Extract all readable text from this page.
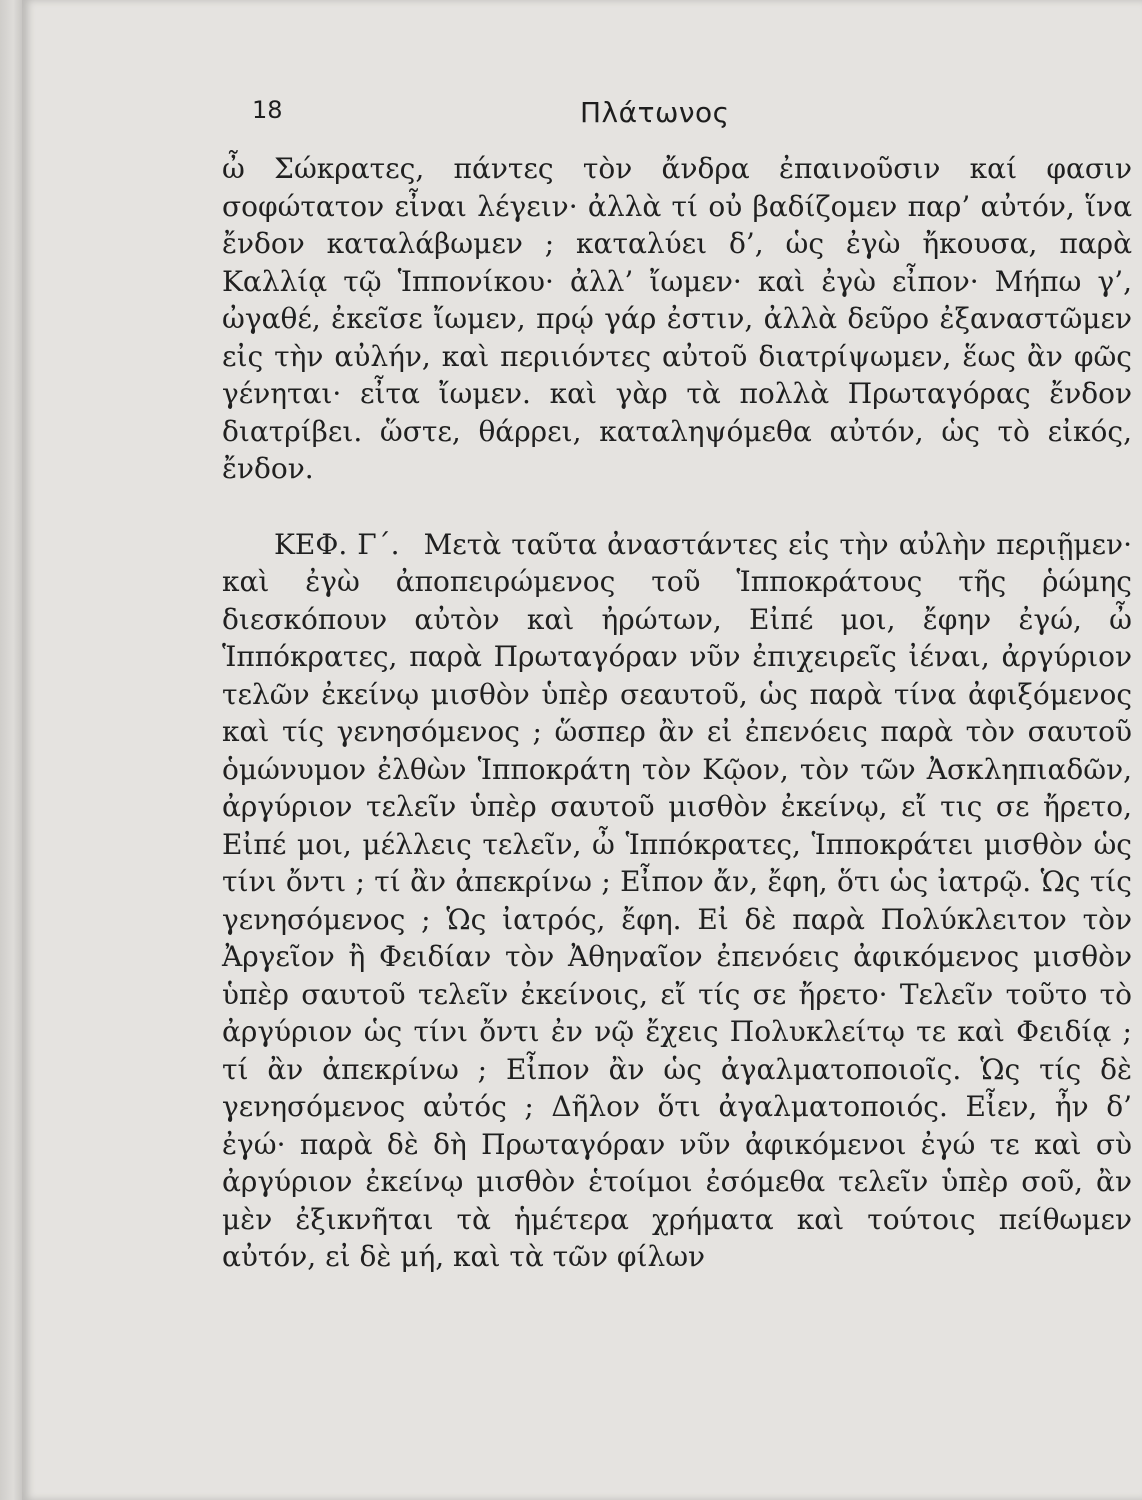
18	Πλάτωνος

ὦ Σώκρατες, πάντες τὸν ἄνδρα ἐπαινοῦσιν καί φασιν σοφώτατον εἶναι λέγειν· ἀλλὰ τί οὐ βαδίζομεν παρ’ αὐτόν, ἵνα ἔνδον καταλάβωμεν ; καταλύει δ’, ὡς ἐγὼ ἤκουσα, παρὰ Καλλίᾳ τῷ Ἱππονίκου· ἀλλ’ ἴωμεν· καὶ ἐγὼ εἶπον· Μήπω γ’, ὠγαθέ, ἐκεῖσε ἴωμεν, πρῴ γάρ ἐστιν, ἀλλὰ δεῦρο ἐξαναστῶμεν εἰς τὴν αὐλήν, καὶ περιιόντες αὐτοῦ διατρίψωμεν, ἕως ἂν φῶς γένηται· εἶτα ἴωμεν. καὶ γὰρ τὰ πολλὰ Πρωταγόρας ἔνδον διατρίβει. ὥστε, θάρρει, καταληψόμεθα αὐτόν, ὡς τὸ εἰκός, ἔνδον.

ΚΕΦ. Γ΄. Μετὰ ταῦτα ἀναστάντες εἰς τὴν αὐλὴν περιῇμεν· καὶ ἐγὼ ἀποπειρώμενος τοῦ Ἱπποκράτους τῆς ῥώμης διεσκόπουν αὐτὸν καὶ ἠρώτων, Εἰπέ μοι, ἔφην ἐγώ, ὦ Ἱππόκρατες, παρὰ Πρωταγόραν νῦν ἐπιχειρεῖς ἰέναι, ἀργύριον τελῶν ἐκείνῳ μισθὸν ὑπὲρ σεαυτοῦ, ὡς παρὰ τίνα ἀφιξόμενος καὶ τίς γενησόμενος ; ὥσπερ ἂν εἰ ἐπενόεις παρὰ τὸν σαυτοῦ ὁμώνυμον ἐλθὼν Ἱπποκράτη τὸν Κῷον, τὸν τῶν Ἀσκληπιαδῶν, ἀργύριον τελεῖν ὑπὲρ σαυτοῦ μισθὸν ἐκείνῳ, εἴ τις σε ἤρετο, Εἰπέ μοι, μέλλεις τελεῖν, ὦ Ἱππόκρατες, Ἱπποκράτει μισθὸν ὡς τίνι ὄντι ; τί ἂν ἀπεκρίνω ; Εἶπον ἄν, ἔφη, ὅτι ὡς ἰατρῷ. Ὡς τίς γενησόμενος ; Ὡς ἰατρός, ἔφη. Εἰ δὲ παρὰ Πολύκλειτον τὸν Ἀργεῖον ἢ Φειδίαν τὸν Ἀθηναῖον ἐπενόεις ἀφικόμενος μισθὸν ὑπὲρ σαυτοῦ τελεῖν ἐκείνοις, εἴ τίς σε ἤρετο· Τελεῖν τοῦτο τὸ ἀργύριον ὡς τίνι ὄντι ἐν νῷ ἔχεις Πολυκλείτῳ τε καὶ Φειδίᾳ ; τί ἂν ἀπεκρίνω ; Εἶπον ἂν ὡς ἀγαλματοποιοῖς. Ὡς τίς δὲ γενησόμενος αὐτός ; Δῆλον ὅτι ἀγαλματοποιός. Εἶεν, ἦν δ’ ἐγώ· παρὰ δὲ δὴ Πρωταγόραν νῦν ἀφικόμενοι ἐγώ τε καὶ σὺ ἀργύριον ἐκείνῳ μισθὸν ἑτοίμοι ἐσόμεθα τελεῖν ὑπὲρ σοῦ, ἂν μὲν ἐξικνῆται τὰ ἡμέτερα χρήματα καὶ τούτοις πείθωμεν αὐτόν, εἰ δὲ μή, καὶ τὰ τῶν φίλων
